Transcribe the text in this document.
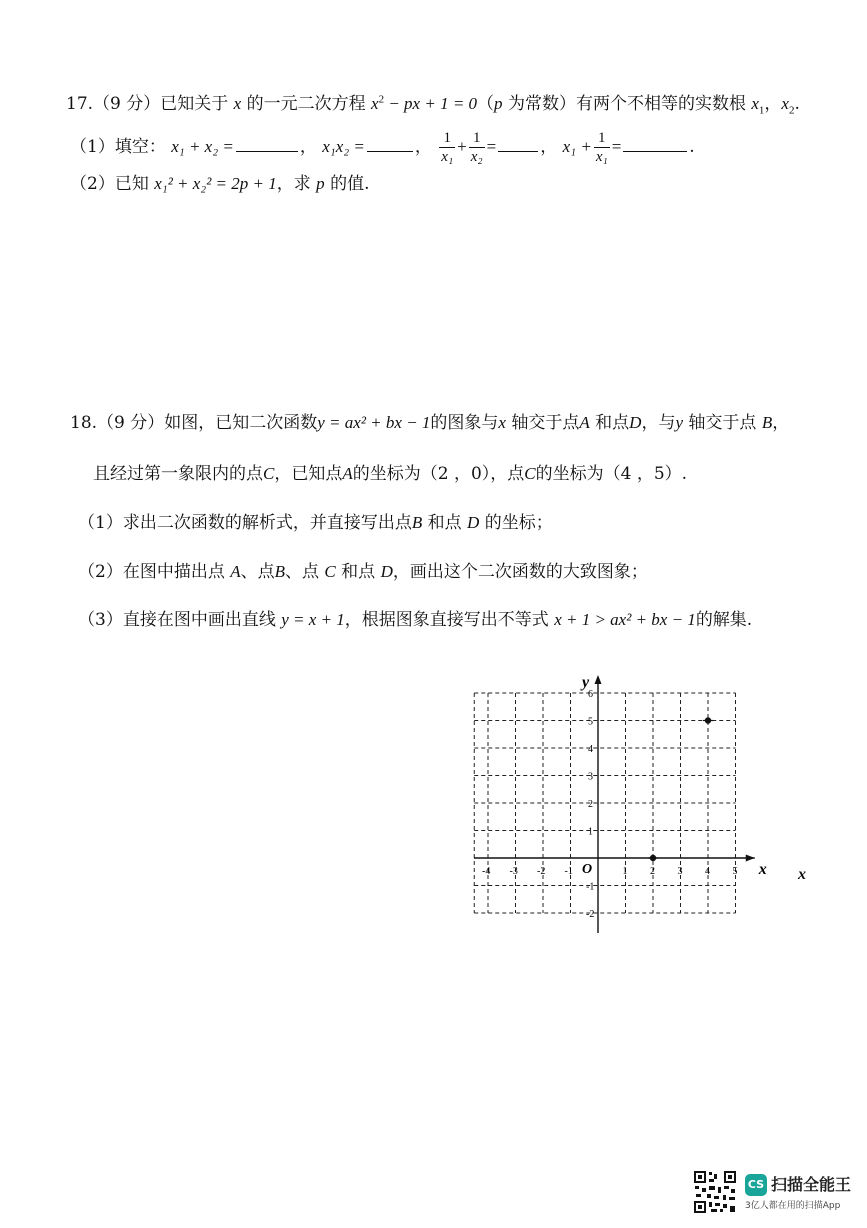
17.（9 分）已知关于 x 的一元二次方程 $x^2$ − px + 1 = 0（p 为常数）有两个不相等的实数根 $x_1$，$x_2$.
（1）填空： x₁ + x₂ =	， x₁x₂ =	， $\frac{1}{\text{x₁}} + \frac{1}{\text{x₂}}$ =	， $x_1 + \frac{1}{\text{x₁}}$ =	.
（2）已知 x₁² + x₂² = 2p + 1，求 p 的值.
18.（9 分）如图，已知二次函数y = ax² + bx − 1的图象与x 轴交于点A 和点D，与y 轴交于点 B，
且经过第一象限内的点C，已知点A的坐标为（2 ，0），点C的坐标为（4 ，5）.
（1）求出二次函数的解析式，并直接写出点B 和点 D 的坐标；
（2）在图中描出点 A、点B、点 C 和点 D，画出这个二次函数的大致图象；
（3）直接在图中画出直线 y = x + 1，根据图象直接写出不等式 x + 1 > ax² + bx − 1的解集.
x
y
O
-4 -3 -2 -1	1 2 3 4 5
6
5
4
3
2
1
-1
-2
x
CS 扫描全能王
3亿人都在用的扫描App
